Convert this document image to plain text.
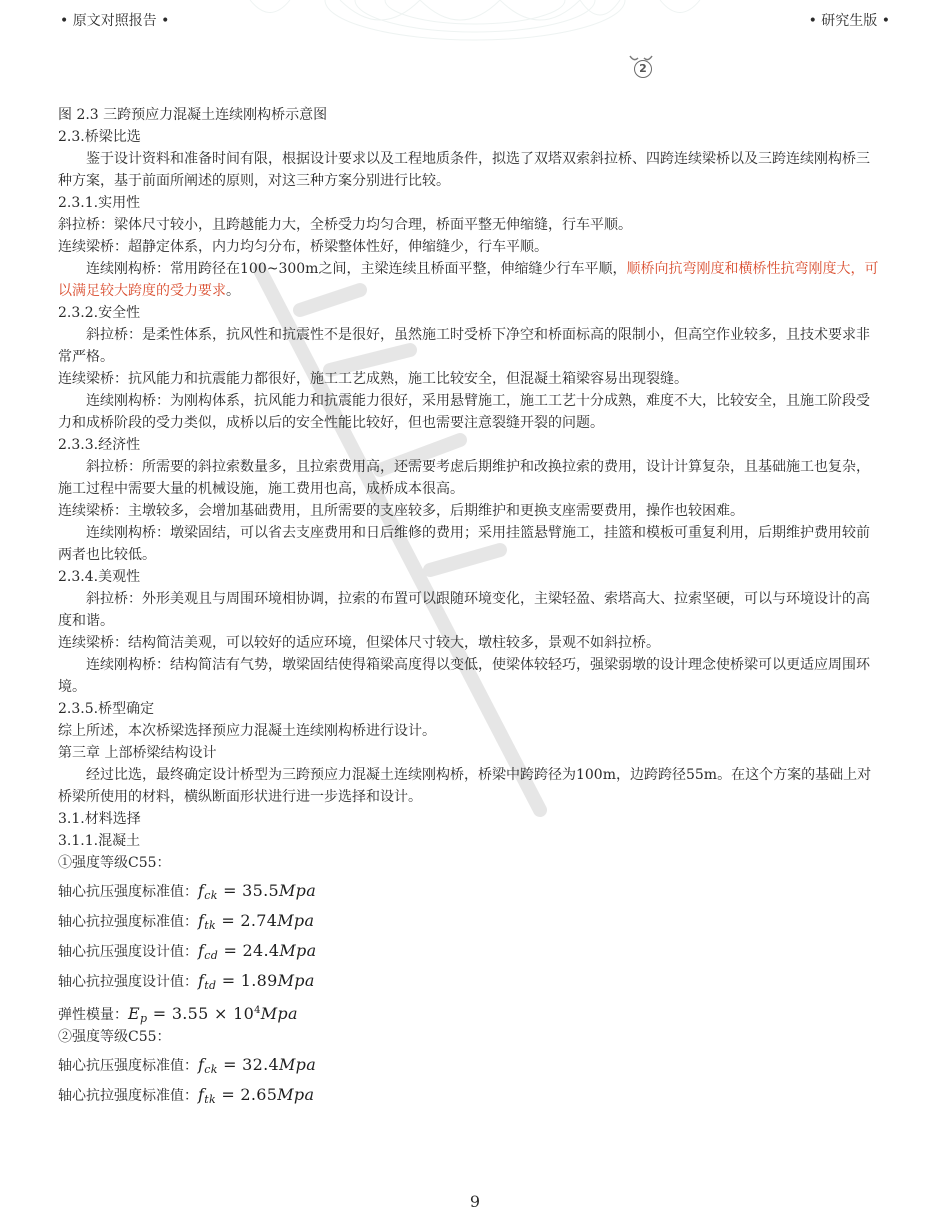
• 原文对照报告 •	• 研究生版 •
2

图 2.3 三跨预应力混凝土连续刚构桥示意图

2.3.桥梁比选

鉴于设计资料和准备时间有限，根据设计要求以及工程地质条件，拟选了双塔双索斜拉桥、四跨连续梁桥以及三跨连续刚构桥三种方案，基于前面所阐述的原则，对这三种方案分别进行比较。

2.3.1.实用性

斜拉桥：梁体尺寸较小，且跨越能力大，全桥受力均匀合理，桥面平整无伸缩缝，行车平顺。

连续梁桥：超静定体系，内力均匀分布，桥梁整体性好，伸缩缝少，行车平顺。

连续刚构桥：常用跨径在100~300m之间，主梁连续且桥面平整，伸缩缝少行车平顺，顺桥向抗弯刚度和横桥性抗弯刚度大，可以满足较大跨度的受力要求。

2.3.2.安全性

斜拉桥：是柔性体系，抗风性和抗震性不是很好，虽然施工时受桥下净空和桥面标高的限制小，但高空作业较多，且技术要求非常严格。

连续梁桥：抗风能力和抗震能力都很好，施工工艺成熟，施工比较安全，但混凝土箱梁容易出现裂缝。

连续刚构桥：为刚构体系，抗风能力和抗震能力很好，采用悬臂施工，施工工艺十分成熟，难度不大，比较安全，且施工阶段受力和成桥阶段的受力类似，成桥以后的安全性能比较好，但也需要注意裂缝开裂的问题。

2.3.3.经济性

斜拉桥：所需要的斜拉索数量多，且拉索费用高，还需要考虑后期维护和改换拉索的费用，设计计算复杂，且基础施工也复杂，施工过程中需要大量的机械设施，施工费用也高，成桥成本很高。

连续梁桥：主墩较多，会增加基础费用，且所需要的支座较多，后期维护和更换支座需要费用，操作也较困难。

连续刚构桥：墩梁固结，可以省去支座费用和日后维修的费用；采用挂篮悬臂施工，挂篮和模板可重复利用，后期维护费用较前两者也比较低。

2.3.4.美观性

斜拉桥：外形美观且与周围环境相协调，拉索的布置可以跟随环境变化，主梁轻盈、索塔高大、拉索坚硬，可以与环境设计的高度和谐。

连续梁桥：结构简洁美观，可以较好的适应环境，但梁体尺寸较大，墩柱较多，景观不如斜拉桥。

连续刚构桥：结构简洁有气势，墩梁固结使得箱梁高度得以变低，使梁体较轻巧，强梁弱墩的设计理念使桥梁可以更适应周围环境。

2.3.5.桥型确定

综上所述，本次桥梁选择预应力混凝土连续刚构桥进行设计。

第三章 上部桥梁结构设计

经过比选，最终确定设计桥型为三跨预应力混凝土连续刚构桥，桥梁中跨跨径为100m，边跨跨径55m。在这个方案的基础上对桥梁所使用的材料，横纵断面形状进行进一步选择和设计。

3.1.材料选择

3.1.1.混凝土

①强度等级C55：

轴心抗压强度标准值：$f_{ck} = 35.5Mpa$
轴心抗拉强度标准值：$f_{tk} = 2.74Mpa$
轴心抗压强度设计值：$f_{cd} = 24.4Mpa$
轴心抗拉强度设计值：$f_{td} = 1.89Mpa$
弹性模量：$E_p = 3.55 \times 10^4Mpa$

②强度等级C55：

轴心抗压强度标准值：$f_{ck} = 32.4Mpa$
轴心抗拉强度标准值：$f_{tk} = 2.65Mpa$
9
